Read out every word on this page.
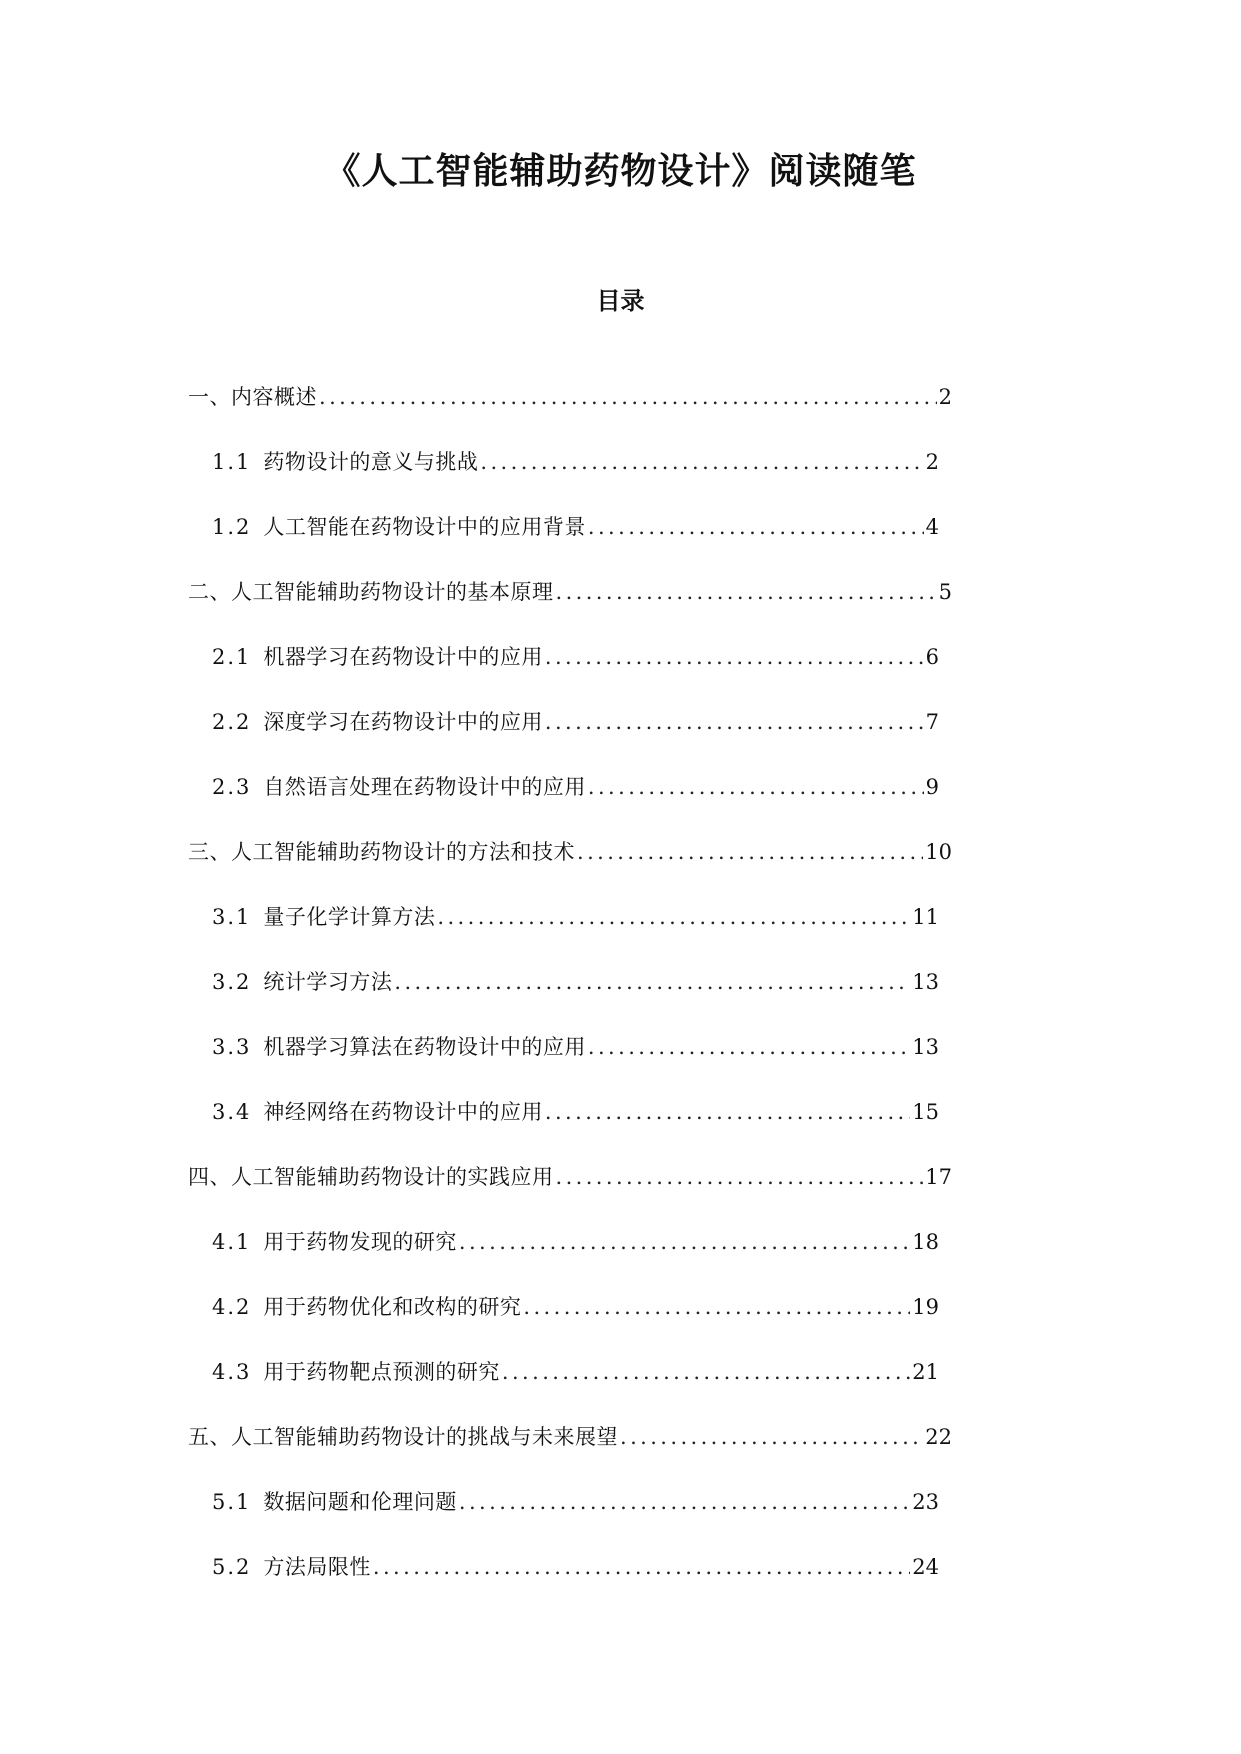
《人工智能辅助药物设计》阅读随笔
目录
一、内容概述 .....	2
1.1 药物设计的意义与挑战 .....	2
1.2 人工智能在药物设计中的应用背景 .....	4
二、人工智能辅助药物设计的基本原理 .....	5
2.1 机器学习在药物设计中的应用 .....	6
2.2 深度学习在药物设计中的应用 .....	7
2.3 自然语言处理在药物设计中的应用 .....	9
三、人工智能辅助药物设计的方法和技术 .....	10
3.1 量子化学计算方法 .....	11
3.2 统计学习方法 .....	13
3.3 机器学习算法在药物设计中的应用 .....	13
3.4 神经网络在药物设计中的应用 .....	15
四、人工智能辅助药物设计的实践应用 .....	17
4.1 用于药物发现的研究 .....	18
4.2 用于药物优化和改构的研究 .....	19
4.3 用于药物靶点预测的研究 .....	21
五、人工智能辅助药物设计的挑战与未来展望 .....	22
5.1 数据问题和伦理问题 .....	23
5.2 方法局限性 .....	24
